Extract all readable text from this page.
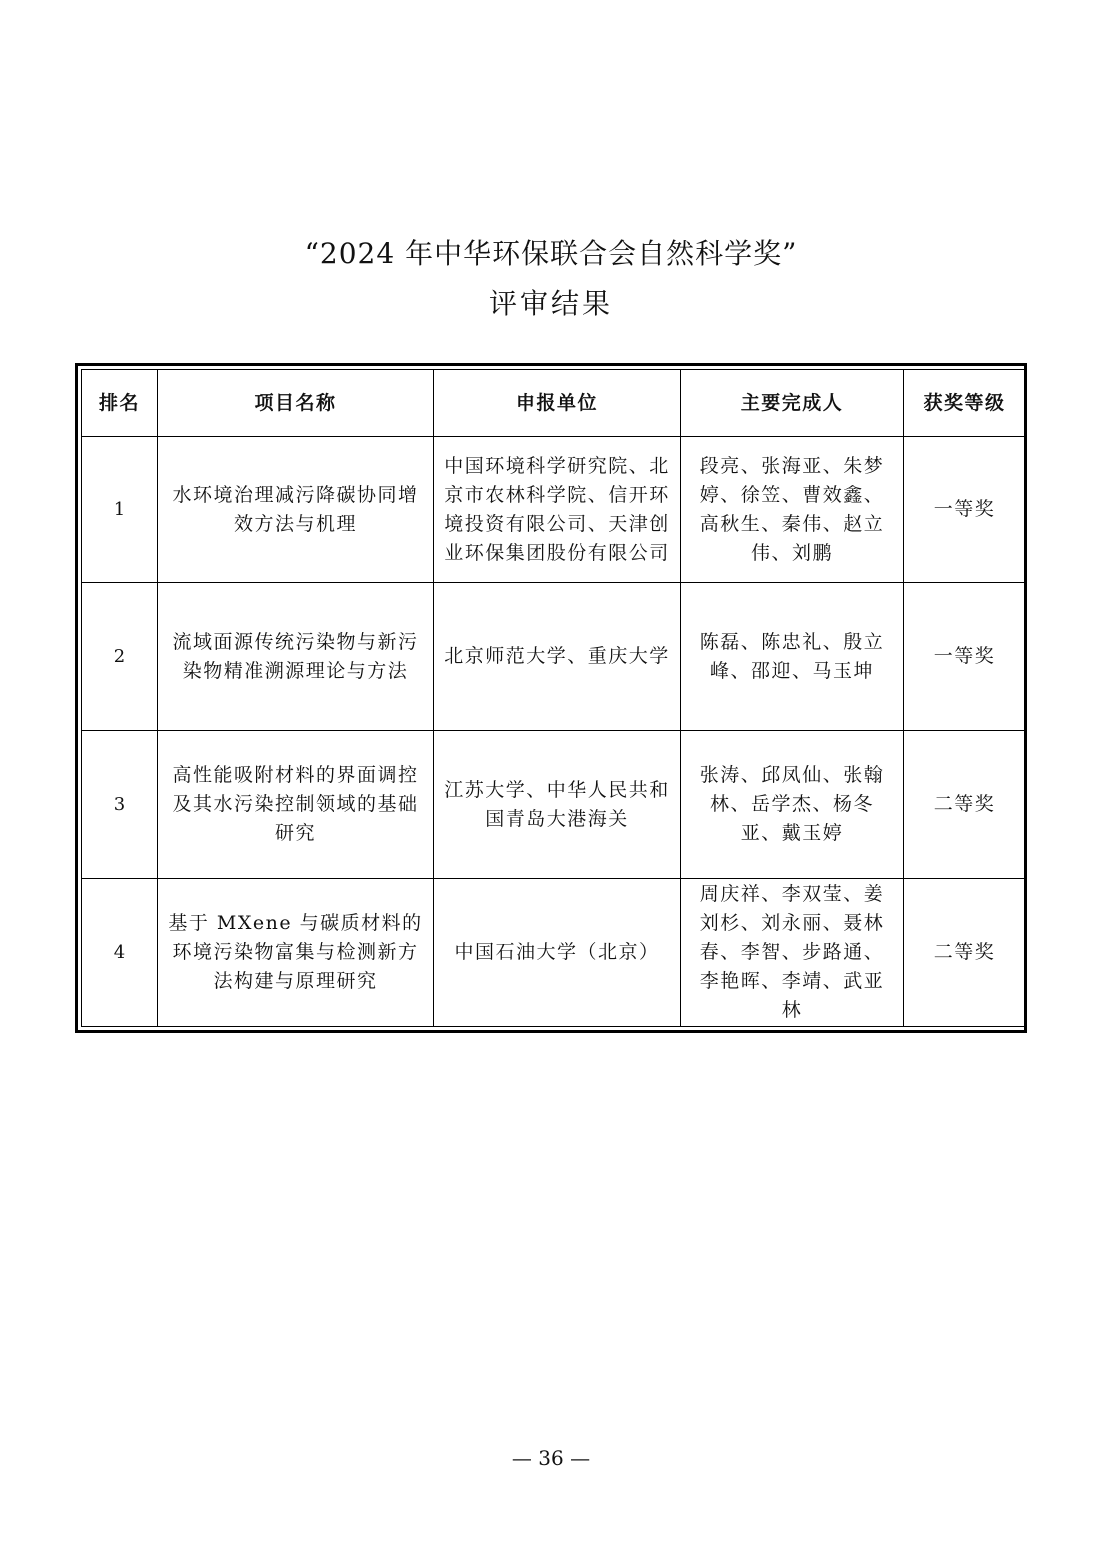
“2024 年中华环保联合会自然科学奖”
评审结果
排名	项目名称	申报单位	主要完成人	获奖等级
1	水环境治理减污降碳协同增效方法与机理	中国环境科学研究院、北京市农林科学院、信开环境投资有限公司、天津创业环保集团股份有限公司	段亮、张海亚、朱梦婷、徐笠、曹效鑫、高秋生、秦伟、赵立伟、刘鹏	一等奖
2	流域面源传统污染物与新污染物精准溯源理论与方法	北京师范大学、重庆大学	陈磊、陈忠礼、殷立峰、邵迎、马玉坤	一等奖
3	高性能吸附材料的界面调控及其水污染控制领域的基础研究	江苏大学、中华人民共和国青岛大港海关	张涛、邱凤仙、张翰林、岳学杰、杨冬亚、戴玉婷	二等奖
4	基于 MXene 与碳质材料的环境污染物富集与检测新方法构建与原理研究	中国石油大学（北京）	周庆祥、李双莹、姜刘杉、刘永丽、聂林春、李智、步路通、李艳晖、李靖、武亚林	二等奖
— 36 —
